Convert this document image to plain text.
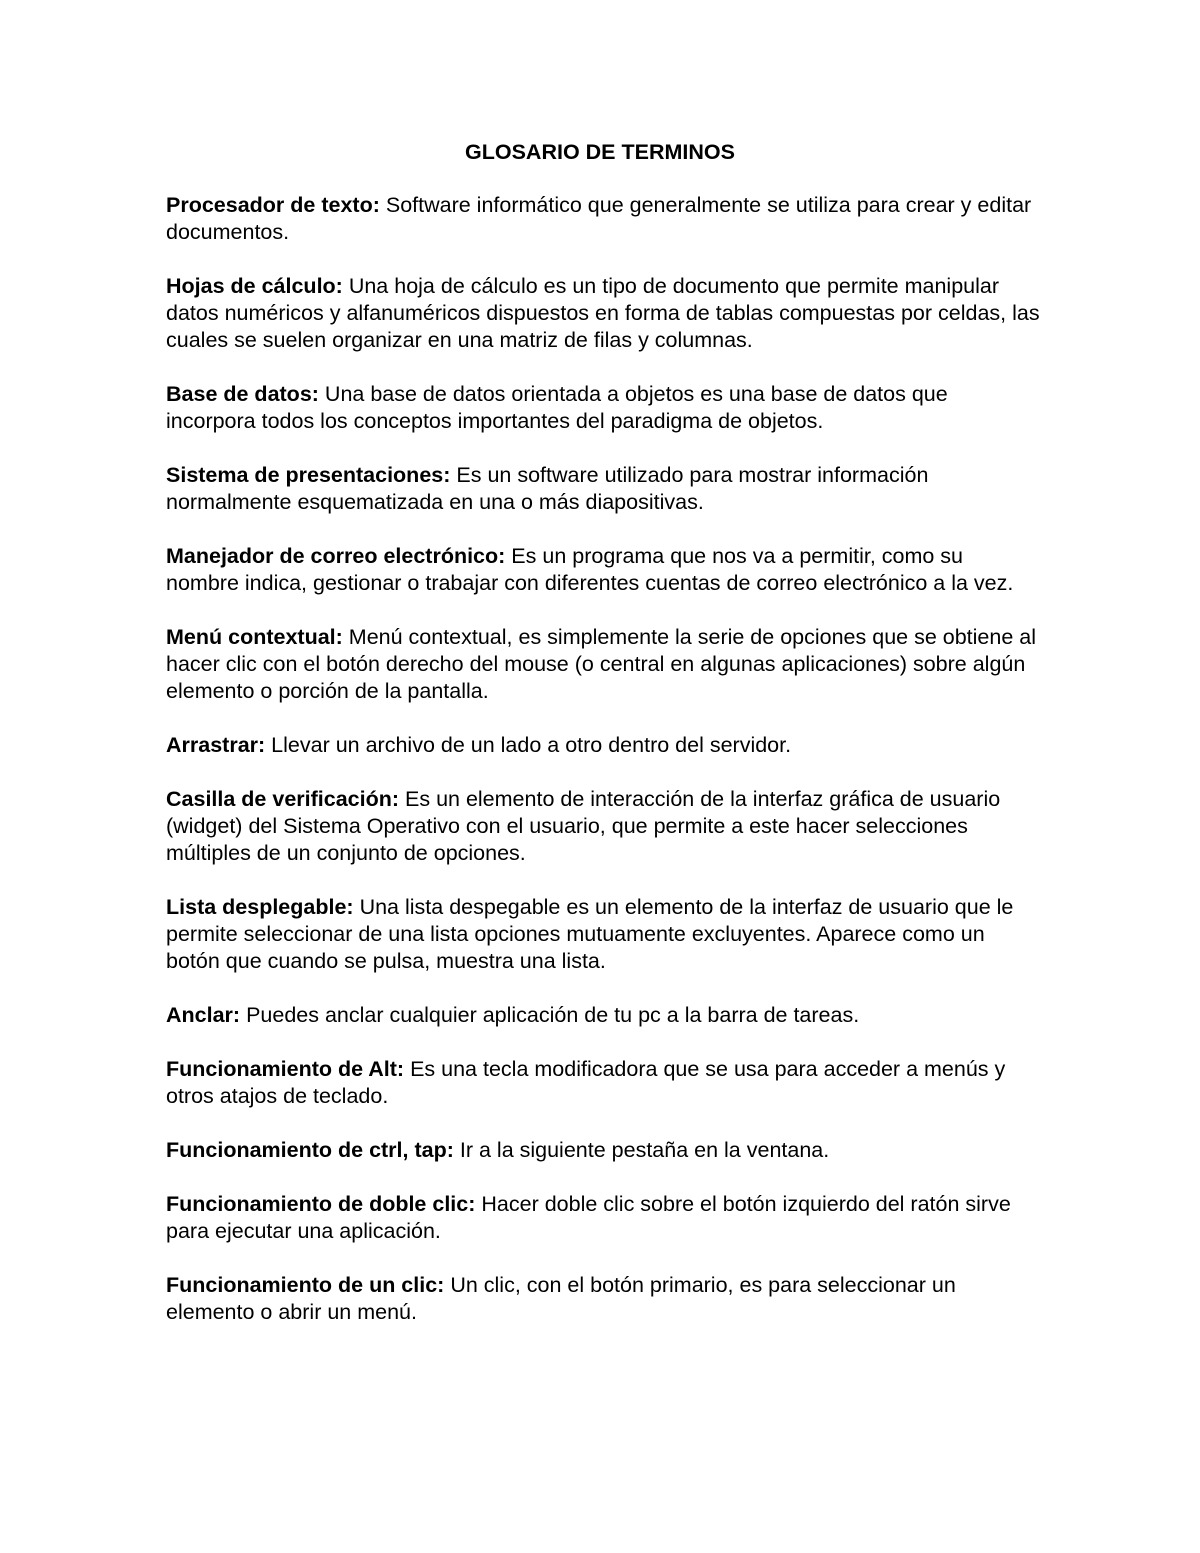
GLOSARIO DE TERMINOS
Procesador de texto: Software informático que generalmente se utiliza para crear y editar documentos.
Hojas de cálculo: Una hoja de cálculo es un tipo de documento que permite manipular datos numéricos y alfanuméricos dispuestos en forma de tablas compuestas por celdas, las cuales se suelen organizar en una matriz de filas y columnas.
Base de datos: Una base de datos orientada a objetos es una base de datos que incorpora todos los conceptos importantes del paradigma de objetos.
Sistema de presentaciones: Es un software utilizado para mostrar información normalmente esquematizada en una o más diapositivas.
Manejador de correo electrónico: Es un programa que nos va a permitir, como su nombre indica, gestionar o trabajar con diferentes cuentas de correo electrónico a la vez.
Menú contextual: Menú contextual, es simplemente la serie de opciones que se obtiene al hacer clic con el botón derecho del mouse (o central en algunas aplicaciones) sobre algún elemento o porción de la pantalla.
Arrastrar: Llevar un archivo de un lado a otro dentro del servidor.
Casilla de verificación: Es un elemento de interacción de la interfaz gráfica de usuario (widget) del Sistema Operativo con el usuario, que permite a este hacer selecciones múltiples de un conjunto de opciones.
Lista desplegable: Una lista despegable es un elemento de la interfaz de usuario que le permite seleccionar de una lista opciones mutuamente excluyentes. Aparece como un botón que cuando se pulsa, muestra una lista.
Anclar: Puedes anclar cualquier aplicación de tu pc a la barra de tareas.
Funcionamiento de Alt: Es una tecla modificadora que se usa para acceder a menús y otros atajos de teclado.
Funcionamiento de ctrl, tap: Ir a la siguiente pestaña en la ventana.
Funcionamiento de doble clic: Hacer doble clic sobre el botón izquierdo del ratón sirve para ejecutar una aplicación.
Funcionamiento de un clic: Un clic, con el botón primario, es para seleccionar un elemento o abrir un menú.
